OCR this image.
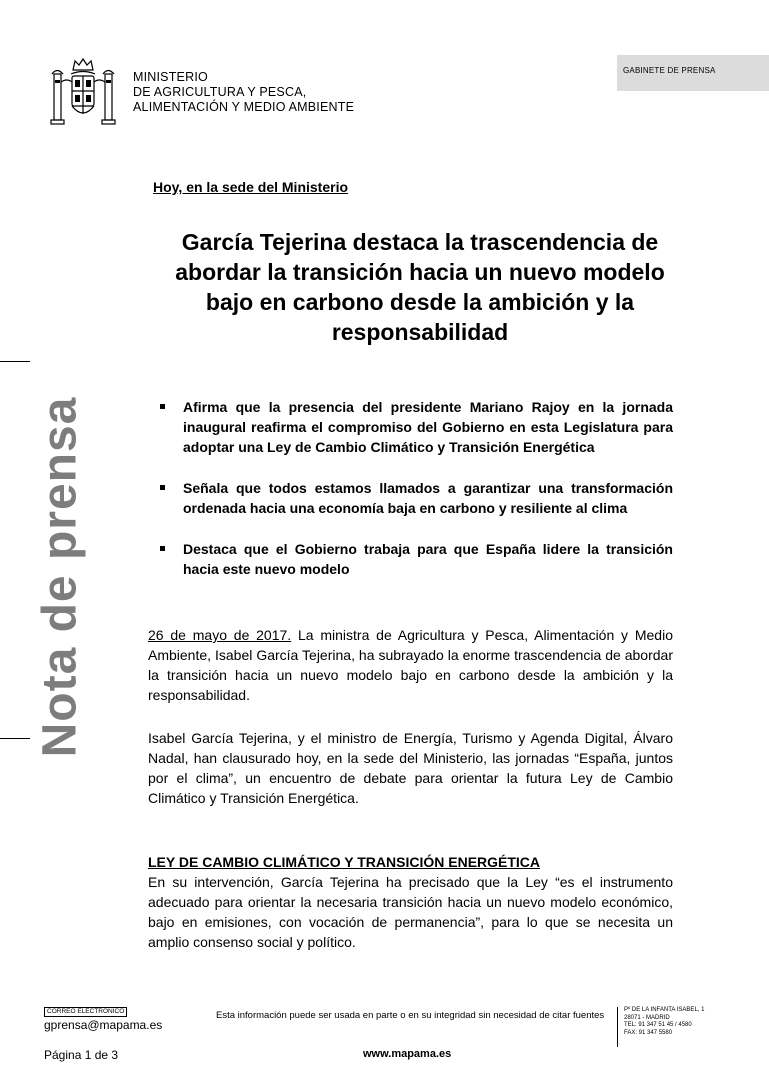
MINISTERIO
DE AGRICULTURA Y PESCA,
ALIMENTACIÓN Y MEDIO AMBIENTE
GABINETE DE PRENSA
Nota de prensa
Hoy, en la sede del Ministerio
García Tejerina destaca la trascendencia de abordar la transición hacia un nuevo modelo bajo en carbono desde la ambición y la responsabilidad
Afirma que la presencia del presidente Mariano Rajoy en la jornada inaugural reafirma el compromiso del Gobierno en esta Legislatura para adoptar una Ley de Cambio Climático y Transición Energética
Señala que todos estamos llamados a garantizar una transformación ordenada hacia una economía baja en carbono y resiliente al clima
Destaca que el Gobierno trabaja para que España lidere la transición hacia este nuevo modelo
26 de mayo de 2017. La ministra de Agricultura y Pesca, Alimentación y Medio Ambiente, Isabel García Tejerina, ha subrayado la enorme trascendencia de abordar la transición hacia un nuevo modelo bajo en carbono desde la ambición y la responsabilidad.
Isabel García Tejerina, y el ministro de Energía, Turismo y Agenda Digital, Álvaro Nadal, han clausurado hoy, en la sede del Ministerio, las jornadas “España, juntos por el clima”, un encuentro de debate para orientar la futura Ley de Cambio Climático y Transición Energética.
LEY DE CAMBIO CLIMÁTICO Y TRANSICIÓN ENERGÉTICA
En su intervención, García Tejerina ha precisado que la Ley “es el instrumento adecuado para orientar la necesaria transición hacia un nuevo modelo económico, bajo en emisiones, con vocación de permanencia”, para lo que se necesita un amplio consenso social y político.
CORREO ELECTRÓNICO
gprensa@mapama.es
Página 1 de 3
Esta información puede ser usada en parte o en su integridad sin necesidad de citar fuentes
www.mapama.es
Pº DE LA INFANTA ISABEL, 1
28071 - MADRID
TEL: 91 347 51 45 / 4580
FAX: 91 347 5580
